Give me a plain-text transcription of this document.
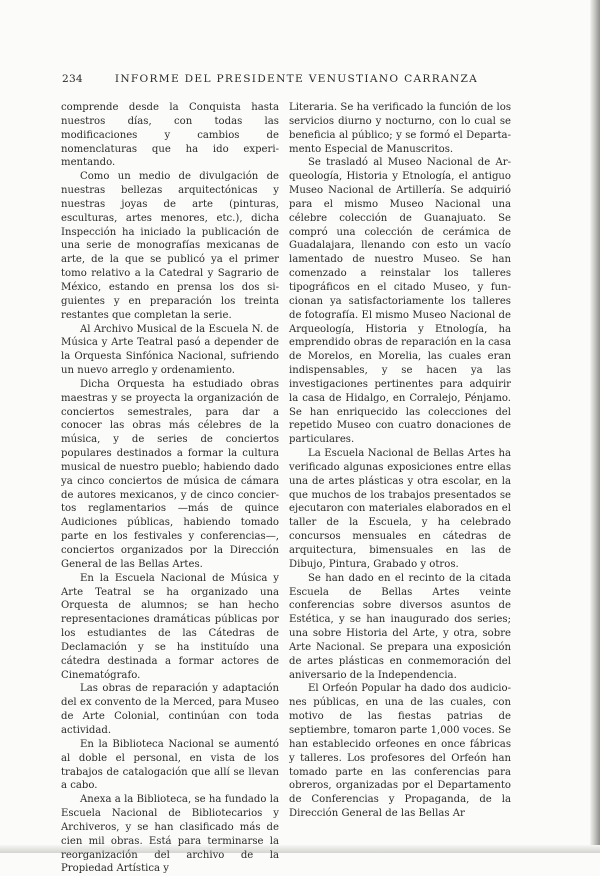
234	INFORME DEL PRESIDENTE VENUSTIANO CARRANZA

comprende desde la Conquista hasta nuestros días, con todas las modificaciones y cambios de nomenclaturas que ha ido experimentando.

Como un medio de divulgación de nuestras bellezas arquitectónicas y nuestras joyas de arte (pinturas, esculturas, artes menores, etc.), dicha Inspección ha iniciado la publicación de una serie de monografías mexicanas de arte, de la que se publicó ya el primer tomo relativo a la Catedral y Sagrario de México, estando en prensa los dos siguientes y en preparación los treinta restantes que completan la serie.

Al Archivo Musical de la Escuela N. de Música y Arte Teatral pasó a depender de la Orquesta Sinfónica Nacional, sufriendo un nuevo arreglo y ordenamiento.

Dicha Orquesta ha estudiado obras maestras y se proyecta la organización de conciertos semestrales, para dar a conocer las obras más célebres de la música, y de series de conciertos populares destinados a formar la cultura musical de nuestro pueblo; habiendo dado ya cinco conciertos de música de cámara de autores mexicanos, y de cinco conciertos reglamentarios —más de quince Audiciones públicas, habiendo tomado parte en los festivales y conferencias—, conciertos organizados por la Dirección General de las Bellas Artes.

En la Escuela Nacional de Música y Arte Teatral se ha organizado una Orquesta de alumnos; se han hecho representaciones dramáticas públicas por los estudiantes de las Cátedras de Declamación y se ha instituído una cátedra destinada a formar actores de Cinematógrafo.

Las obras de reparación y adaptación del ex convento de la Merced, para Museo de Arte Colonial, continúan con toda actividad.

En la Biblioteca Nacional se aumentó al doble el personal, en vista de los trabajos de catalogación que allí se llevan a cabo.

Anexa a la Biblioteca, se ha fundado la Escuela Nacional de Bibliotecarios y Archiveros, y se han clasificado más de cien mil obras. Está para terminarse la reorganización del archivo de la Propiedad Artística y

Literaria. Se ha verificado la función de los servicios diurno y nocturno, con lo cual se beneficia al público; y se formó el Departamento Especial de Manuscritos.

Se trasladó al Museo Nacional de Arqueología, Historia y Etnología, el antiguo Museo Nacional de Artillería. Se adquirió para el mismo Museo Nacional una célebre colección de Guanajuato. Se compró una colección de cerámica de Guadalajara, llenando con esto un vacío lamentado de nuestro Museo. Se han comenzado a reinstalar los talleres tipográficos en el citado Museo, y funcionan ya satisfactoriamente los talleres de fotografía. El mismo Museo Nacional de Arqueología, Historia y Etnología, ha emprendido obras de reparación en la casa de Morelos, en Morelia, las cuales eran indispensables, y se hacen ya las investigaciones pertinentes para adquirir la casa de Hidalgo, en Corralejo, Pénjamo. Se han enriquecido las colecciones del repetido Museo con cuatro donaciones de particulares.

La Escuela Nacional de Bellas Artes ha verificado algunas exposiciones entre ellas una de artes plásticas y otra escolar, en la que muchos de los trabajos presentados se ejecutaron con materiales elaborados en el taller de la Escuela, y ha celebrado concursos mensuales en cátedras de arquitectura, bimensuales en las de Dibujo, Pintura, Grabado y otros.

Se han dado en el recinto de la citada Escuela de Bellas Artes veinte conferencias sobre diversos asuntos de Estética, y se han inaugurado dos series; una sobre Historia del Arte, y otra, sobre Arte Nacional. Se prepara una exposición de artes plásticas en conmemoración del aniversario de la Independencia.

El Orfeón Popular ha dado dos audiciones públicas, en una de las cuales, con motivo de las fiestas patrias de septiembre, tomaron parte 1,000 voces. Se han establecido orfeones en once fábricas y talleres. Los profesores del Orfeón han tomado parte en las conferencias para obreros, organizadas por el Departamento de Conferencias y Propaganda, de la Dirección General de las Bellas Ar
